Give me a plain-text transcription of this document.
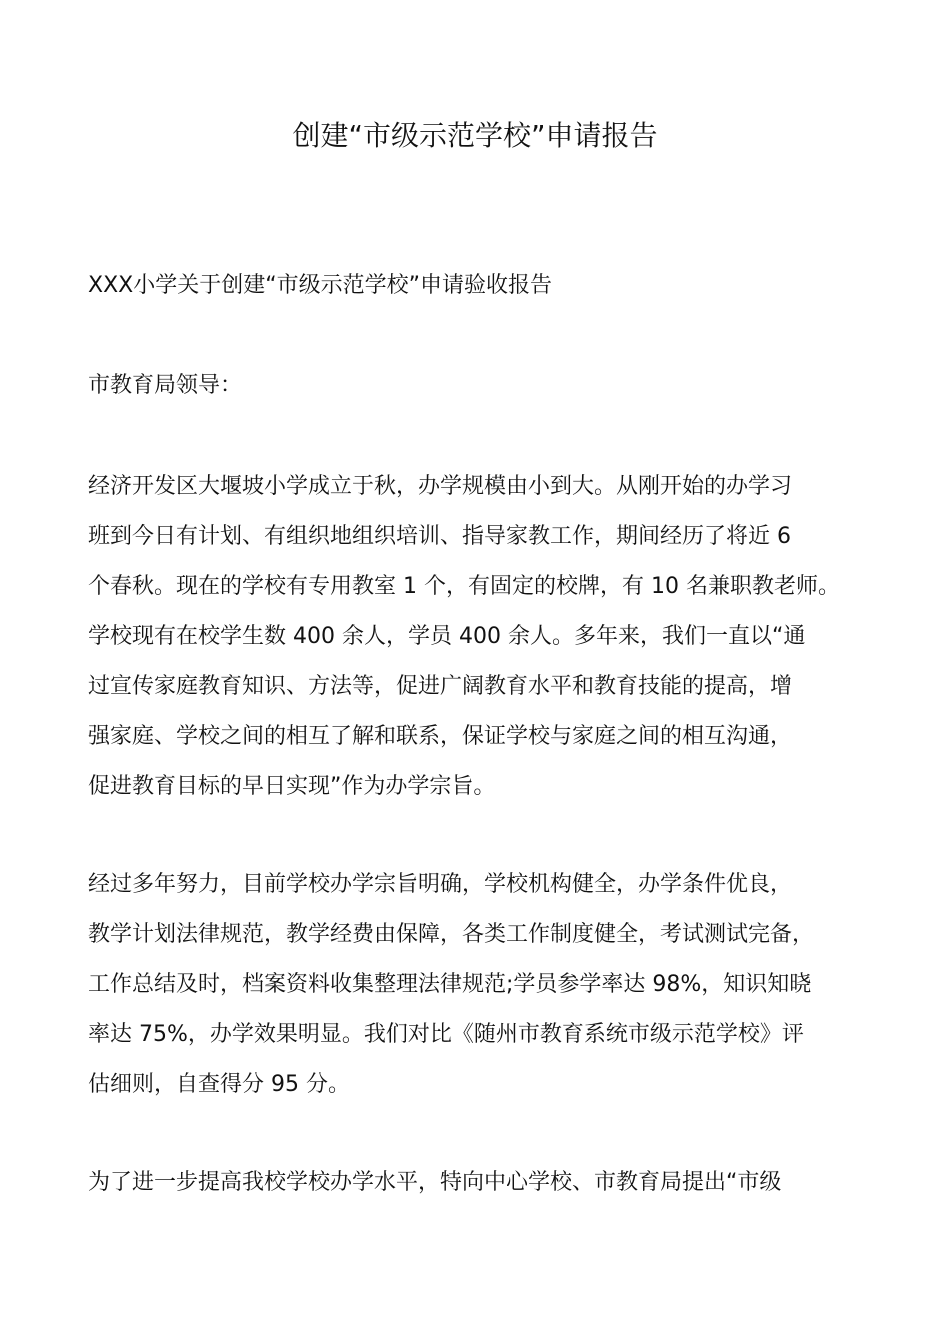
创建“市级示范学校”申请报告
XXX小学关于创建“市级示范学校”申请验收报告
市教育局领导：
经济开发区大堰坡小学成立于秋，办学规模由小到大。从刚开始的办学习
班到今日有计划、有组织地组织培训、指导家教工作，期间经历了将近 6
个春秋。现在的学校有专用教室 1 个，有固定的校牌，有 10 名兼职教老师。
学校现有在校学生数 400 余人，学员 400 余人。多年来，我们一直以“通
过宣传家庭教育知识、方法等，促进广阔教育水平和教育技能的提高，增
强家庭、学校之间的相互了解和联系，保证学校与家庭之间的相互沟通，
促进教育目标的早日实现”作为办学宗旨。
经过多年努力，目前学校办学宗旨明确，学校机构健全，办学条件优良，
教学计划法律规范，教学经费由保障，各类工作制度健全，考试测试完备，
工作总结及时，档案资料收集整理法律规范;学员参学率达 98%，知识知晓
率达 75%，办学效果明显。我们对比《随州市教育系统市级示范学校》评
估细则，自查得分 95 分。
为了进一步提高我校学校办学水平，特向中心学校、市教育局提出“市级
